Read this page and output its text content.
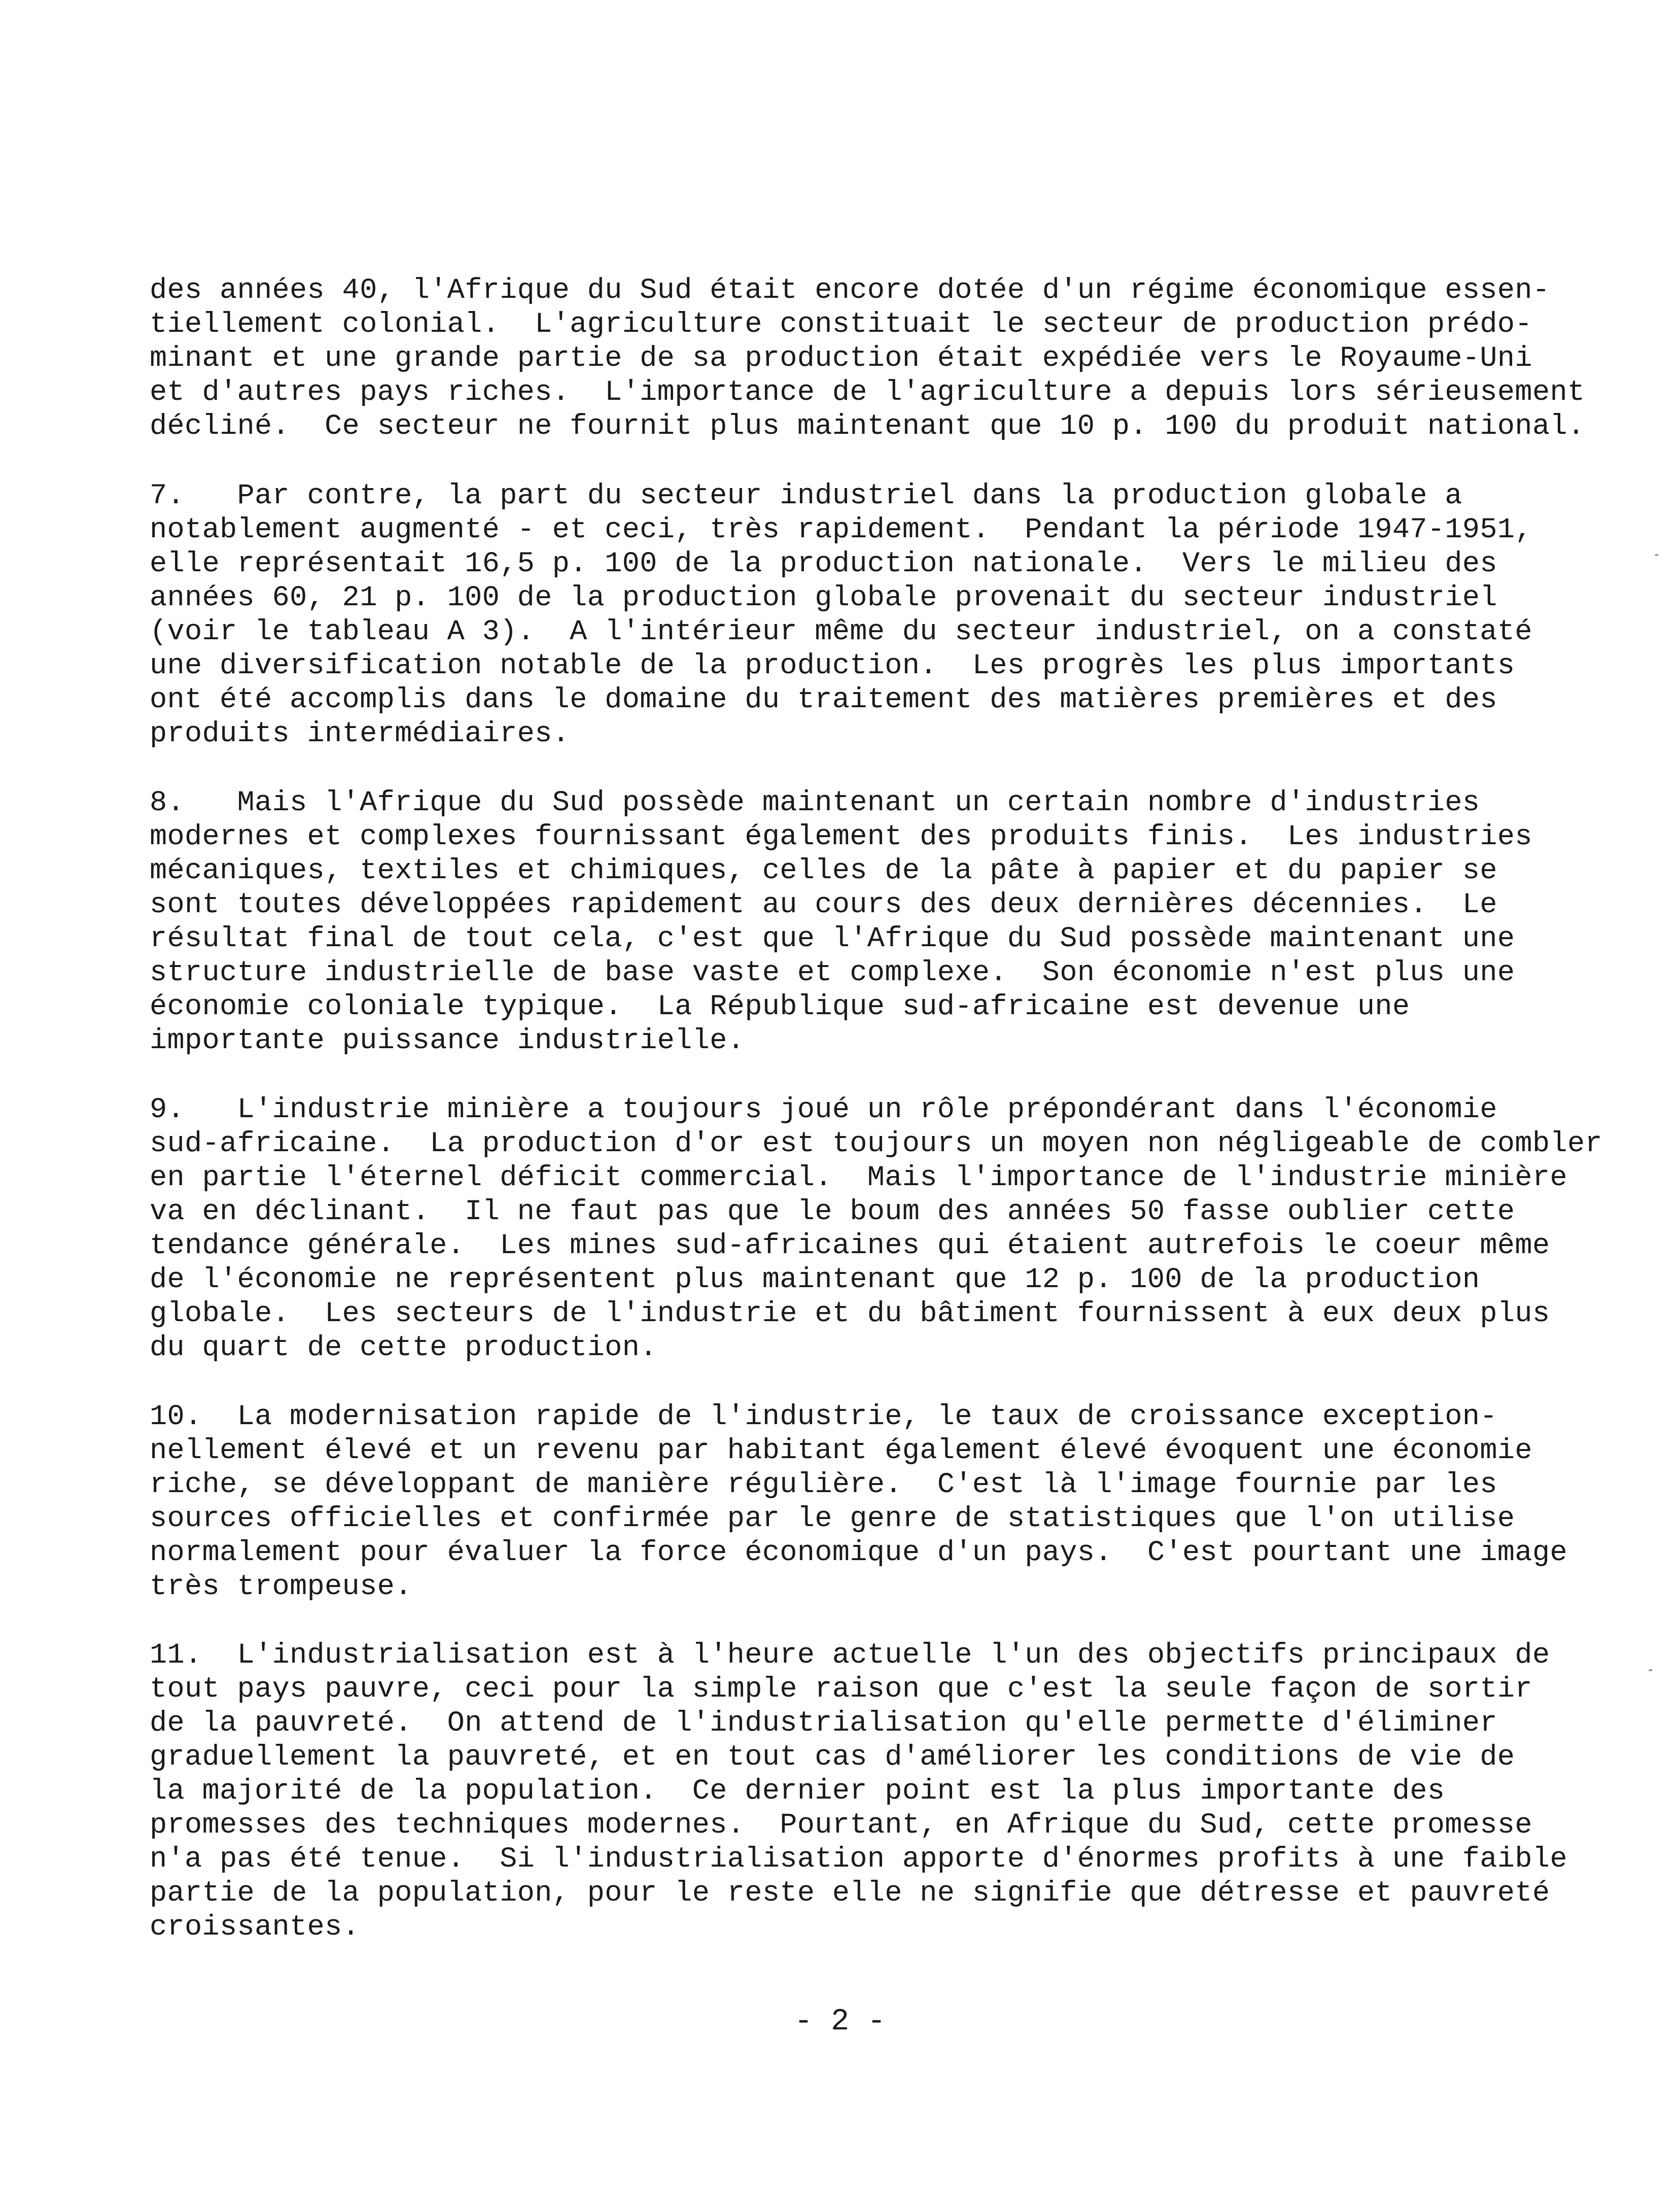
des années 40, l'Afrique du Sud était encore dotée d'un régime économique essen-
tiellement colonial.  L'agriculture constituait le secteur de production prédo-
minant et une grande partie de sa production était expédiée vers le Royaume-Uni
et d'autres pays riches.  L'importance de l'agriculture a depuis lors sérieusement
décliné.  Ce secteur ne fournit plus maintenant que 10 p. 100 du produit national.
7.   Par contre, la part du secteur industriel dans la production globale a
notablement augmenté - et ceci, très rapidement.  Pendant la période 1947-1951,
elle représentait 16,5 p. 100 de la production nationale.  Vers le milieu des
années 60, 21 p. 100 de la production globale provenait du secteur industriel
(voir le tableau A 3).  A l'intérieur même du secteur industriel, on a constaté
une diversification notable de la production.  Les progrès les plus importants
ont été accomplis dans le domaine du traitement des matières premières et des
produits intermédiaires.
8.   Mais l'Afrique du Sud possède maintenant un certain nombre d'industries
modernes et complexes fournissant également des produits finis.  Les industries
mécaniques, textiles et chimiques, celles de la pâte à papier et du papier se
sont toutes développées rapidement au cours des deux dernières décennies.  Le
résultat final de tout cela, c'est que l'Afrique du Sud possède maintenant une
structure industrielle de base vaste et complexe.  Son économie n'est plus une
économie coloniale typique.  La République sud-africaine est devenue une
importante puissance industrielle.
9.   L'industrie minière a toujours joué un rôle prépondérant dans l'économie
sud-africaine.  La production d'or est toujours un moyen non négligeable de combler
en partie l'éternel déficit commercial.  Mais l'importance de l'industrie minière
va en déclinant.  Il ne faut pas que le boum des années 50 fasse oublier cette
tendance générale.  Les mines sud-africaines qui étaient autrefois le coeur même
de l'économie ne représentent plus maintenant que 12 p. 100 de la production
globale.  Les secteurs de l'industrie et du bâtiment fournissent à eux deux plus
du quart de cette production.
10.  La modernisation rapide de l'industrie, le taux de croissance exception-
nellement élevé et un revenu par habitant également élevé évoquent une économie
riche, se développant de manière régulière.  C'est là l'image fournie par les
sources officielles et confirmée par le genre de statistiques que l'on utilise
normalement pour évaluer la force économique d'un pays.  C'est pourtant une image
très trompeuse.
11.  L'industrialisation est à l'heure actuelle l'un des objectifs principaux de
tout pays pauvre, ceci pour la simple raison que c'est la seule façon de sortir
de la pauvreté.  On attend de l'industrialisation qu'elle permette d'éliminer
graduellement la pauvreté, et en tout cas d'améliorer les conditions de vie de
la majorité de la population.  Ce dernier point est la plus importante des
promesses des techniques modernes.  Pourtant, en Afrique du Sud, cette promesse
n'a pas été tenue.  Si l'industrialisation apporte d'énormes profits à une faible
partie de la population, pour le reste elle ne signifie que détresse et pauvreté
croissantes.
- 2 -
